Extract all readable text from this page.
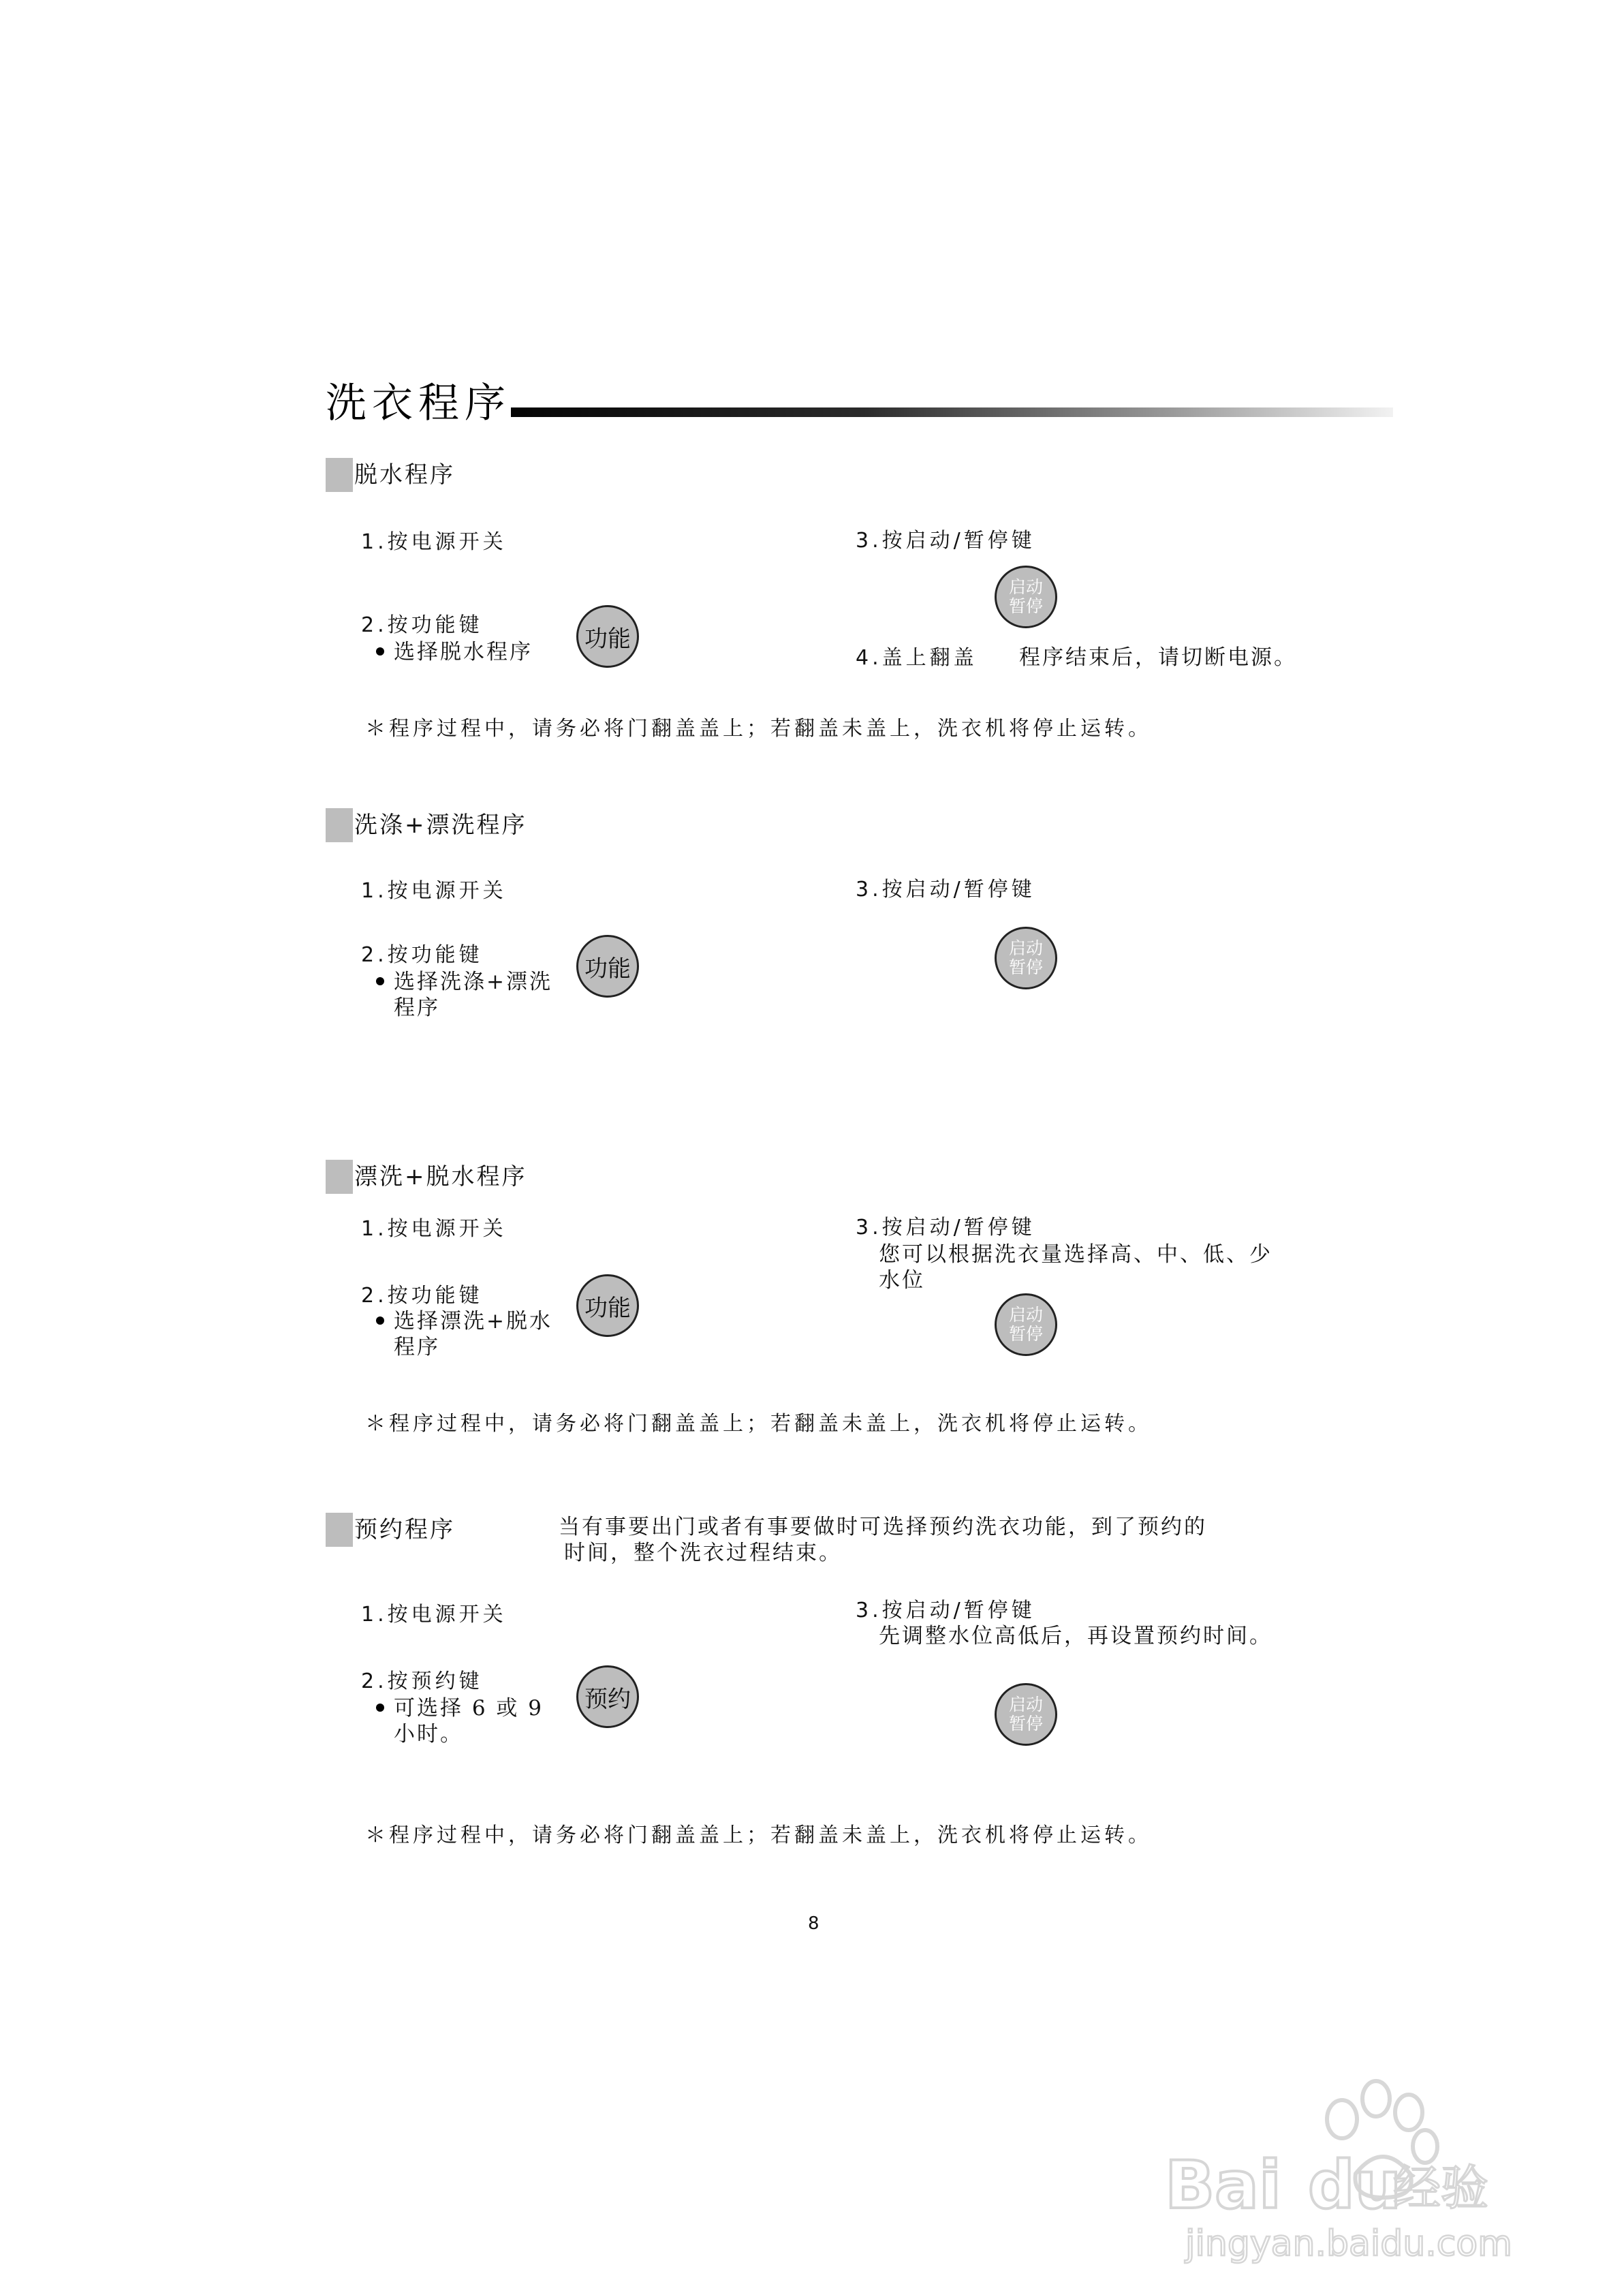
洗衣程序
脱水程序
1.按电源开关
2.按功能键
选择脱水程序	功能
3.按启动/暂停键
启动
暂停
4.盖上翻盖 程序结束后，请切断电源。
＊程序过程中，请务必将门翻盖盖上；若翻盖未盖上，洗衣机将停止运转。
洗涤+漂洗程序
1.按电源开关
2.按功能键
选择洗涤+漂洗
程序
功能
3.按启动/暂停键
启动
暂停
漂洗+脱水程序
1.按电源开关
2.按功能键
选择漂洗+脱水
程序
功能
3.按启动/暂停键
您可以根据洗衣量选择高、中、低、少
水位
启动
暂停
＊程序过程中，请务必将门翻盖盖上；若翻盖未盖上，洗衣机将停止运转。
预约程序	当有事要出门或者有事要做时可选择预约洗衣功能，到了预约的
时间，整个洗衣过程结束。
1.按电源开关
2.按预约键
可选择 6 或 9
小时。
预约
3.按启动/暂停键
先调整水位高低后，再设置预约时间。
启动
暂停
＊程序过程中，请务必将门翻盖盖上；若翻盖未盖上，洗衣机将停止运转。
8
Bai du
经验
jingyan.baidu.com
